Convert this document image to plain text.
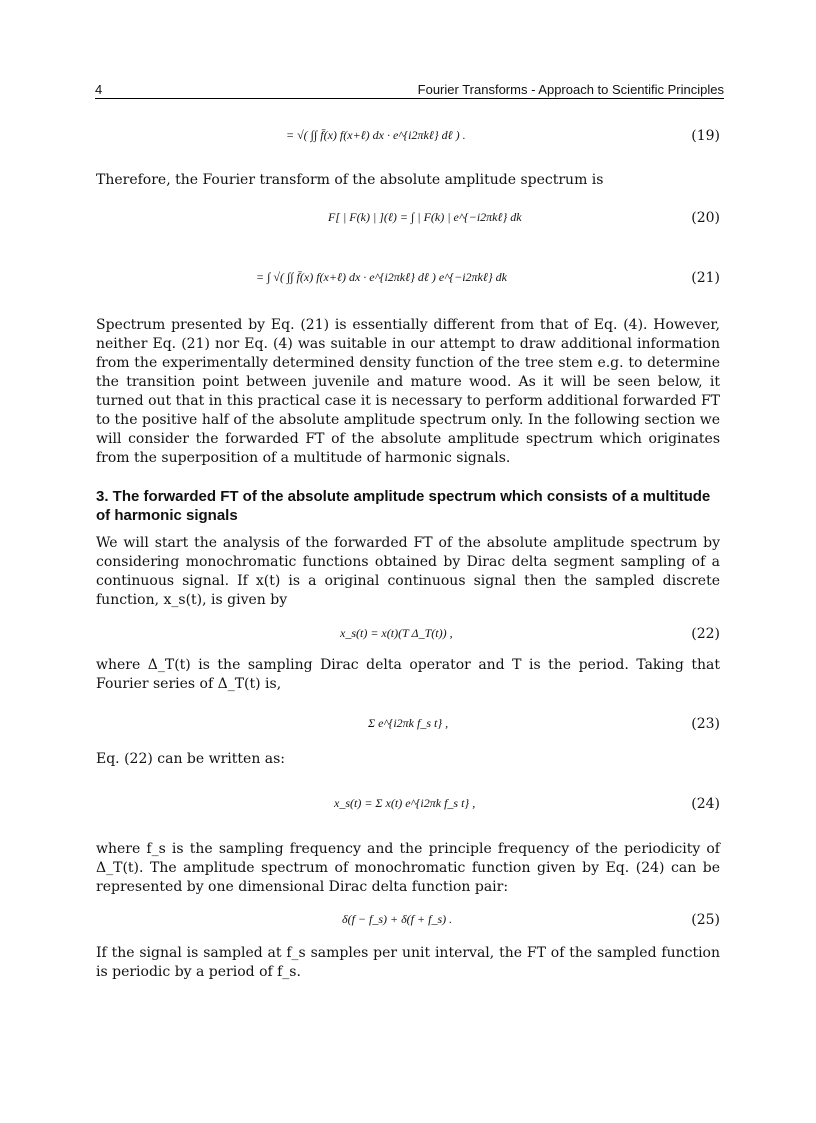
4	Fourier Transforms - Approach to Scientific Principles
= √( ∫∫ f̄(x) f(x+ℓ) dx · e^{i2πkℓ} dℓ ) .	(19)

Therefore, the Fourier transform of the absolute amplitude spectrum is

F[ | F(k) | ](ℓ) = ∫ | F(k) | e^{−i2πkℓ} dk	(20)
= ∫ √( ∫∫ f̄(x) f(x+ℓ) dx · e^{i2πkℓ} dℓ ) e^{−i2πkℓ} dk	(21)

Spectrum presented by Eq. (21) is essentially different from that of Eq. (4). However, neither Eq. (21) nor Eq. (4) was suitable in our attempt to draw additional information from the experimentally determined density function of the tree stem e.g. to determine the transition point between juvenile and mature wood. As it will be seen below, it turned out that in this practical case it is necessary to perform additional forwarded FT to the positive half of the absolute amplitude spectrum only. In the following section we will consider the forwarded FT of the absolute amplitude spectrum which originates from the superposition of a multitude of harmonic signals.

3. The forwarded FT of the absolute amplitude spectrum which consists of a multitude of harmonic signals

We will start the analysis of the forwarded FT of the absolute amplitude spectrum by considering monochromatic functions obtained by Dirac delta segment sampling of a continuous signal. If x(t) is a original continuous signal then the sampled discrete function, x_s(t), is given by

x_s(t) = x(t)(T Δ_T(t)) ,	(22)

where Δ_T(t) is the sampling Dirac delta operator and T is the period. Taking that Fourier series of Δ_T(t) is,

Σ e^{i2πk f_s t} ,	(23)

Eq. (22) can be written as:

x_s(t) = Σ x(t) e^{i2πk f_s t} ,	(24)

where f_s is the sampling frequency and the principle frequency of the periodicity of Δ_T(t). The amplitude spectrum of monochromatic function given by Eq. (24) can be represented by one dimensional Dirac delta function pair:

δ(f − f_s) + δ(f + f_s) .	(25)

If the signal is sampled at f_s samples per unit interval, the FT of the sampled function is periodic by a period of f_s.
